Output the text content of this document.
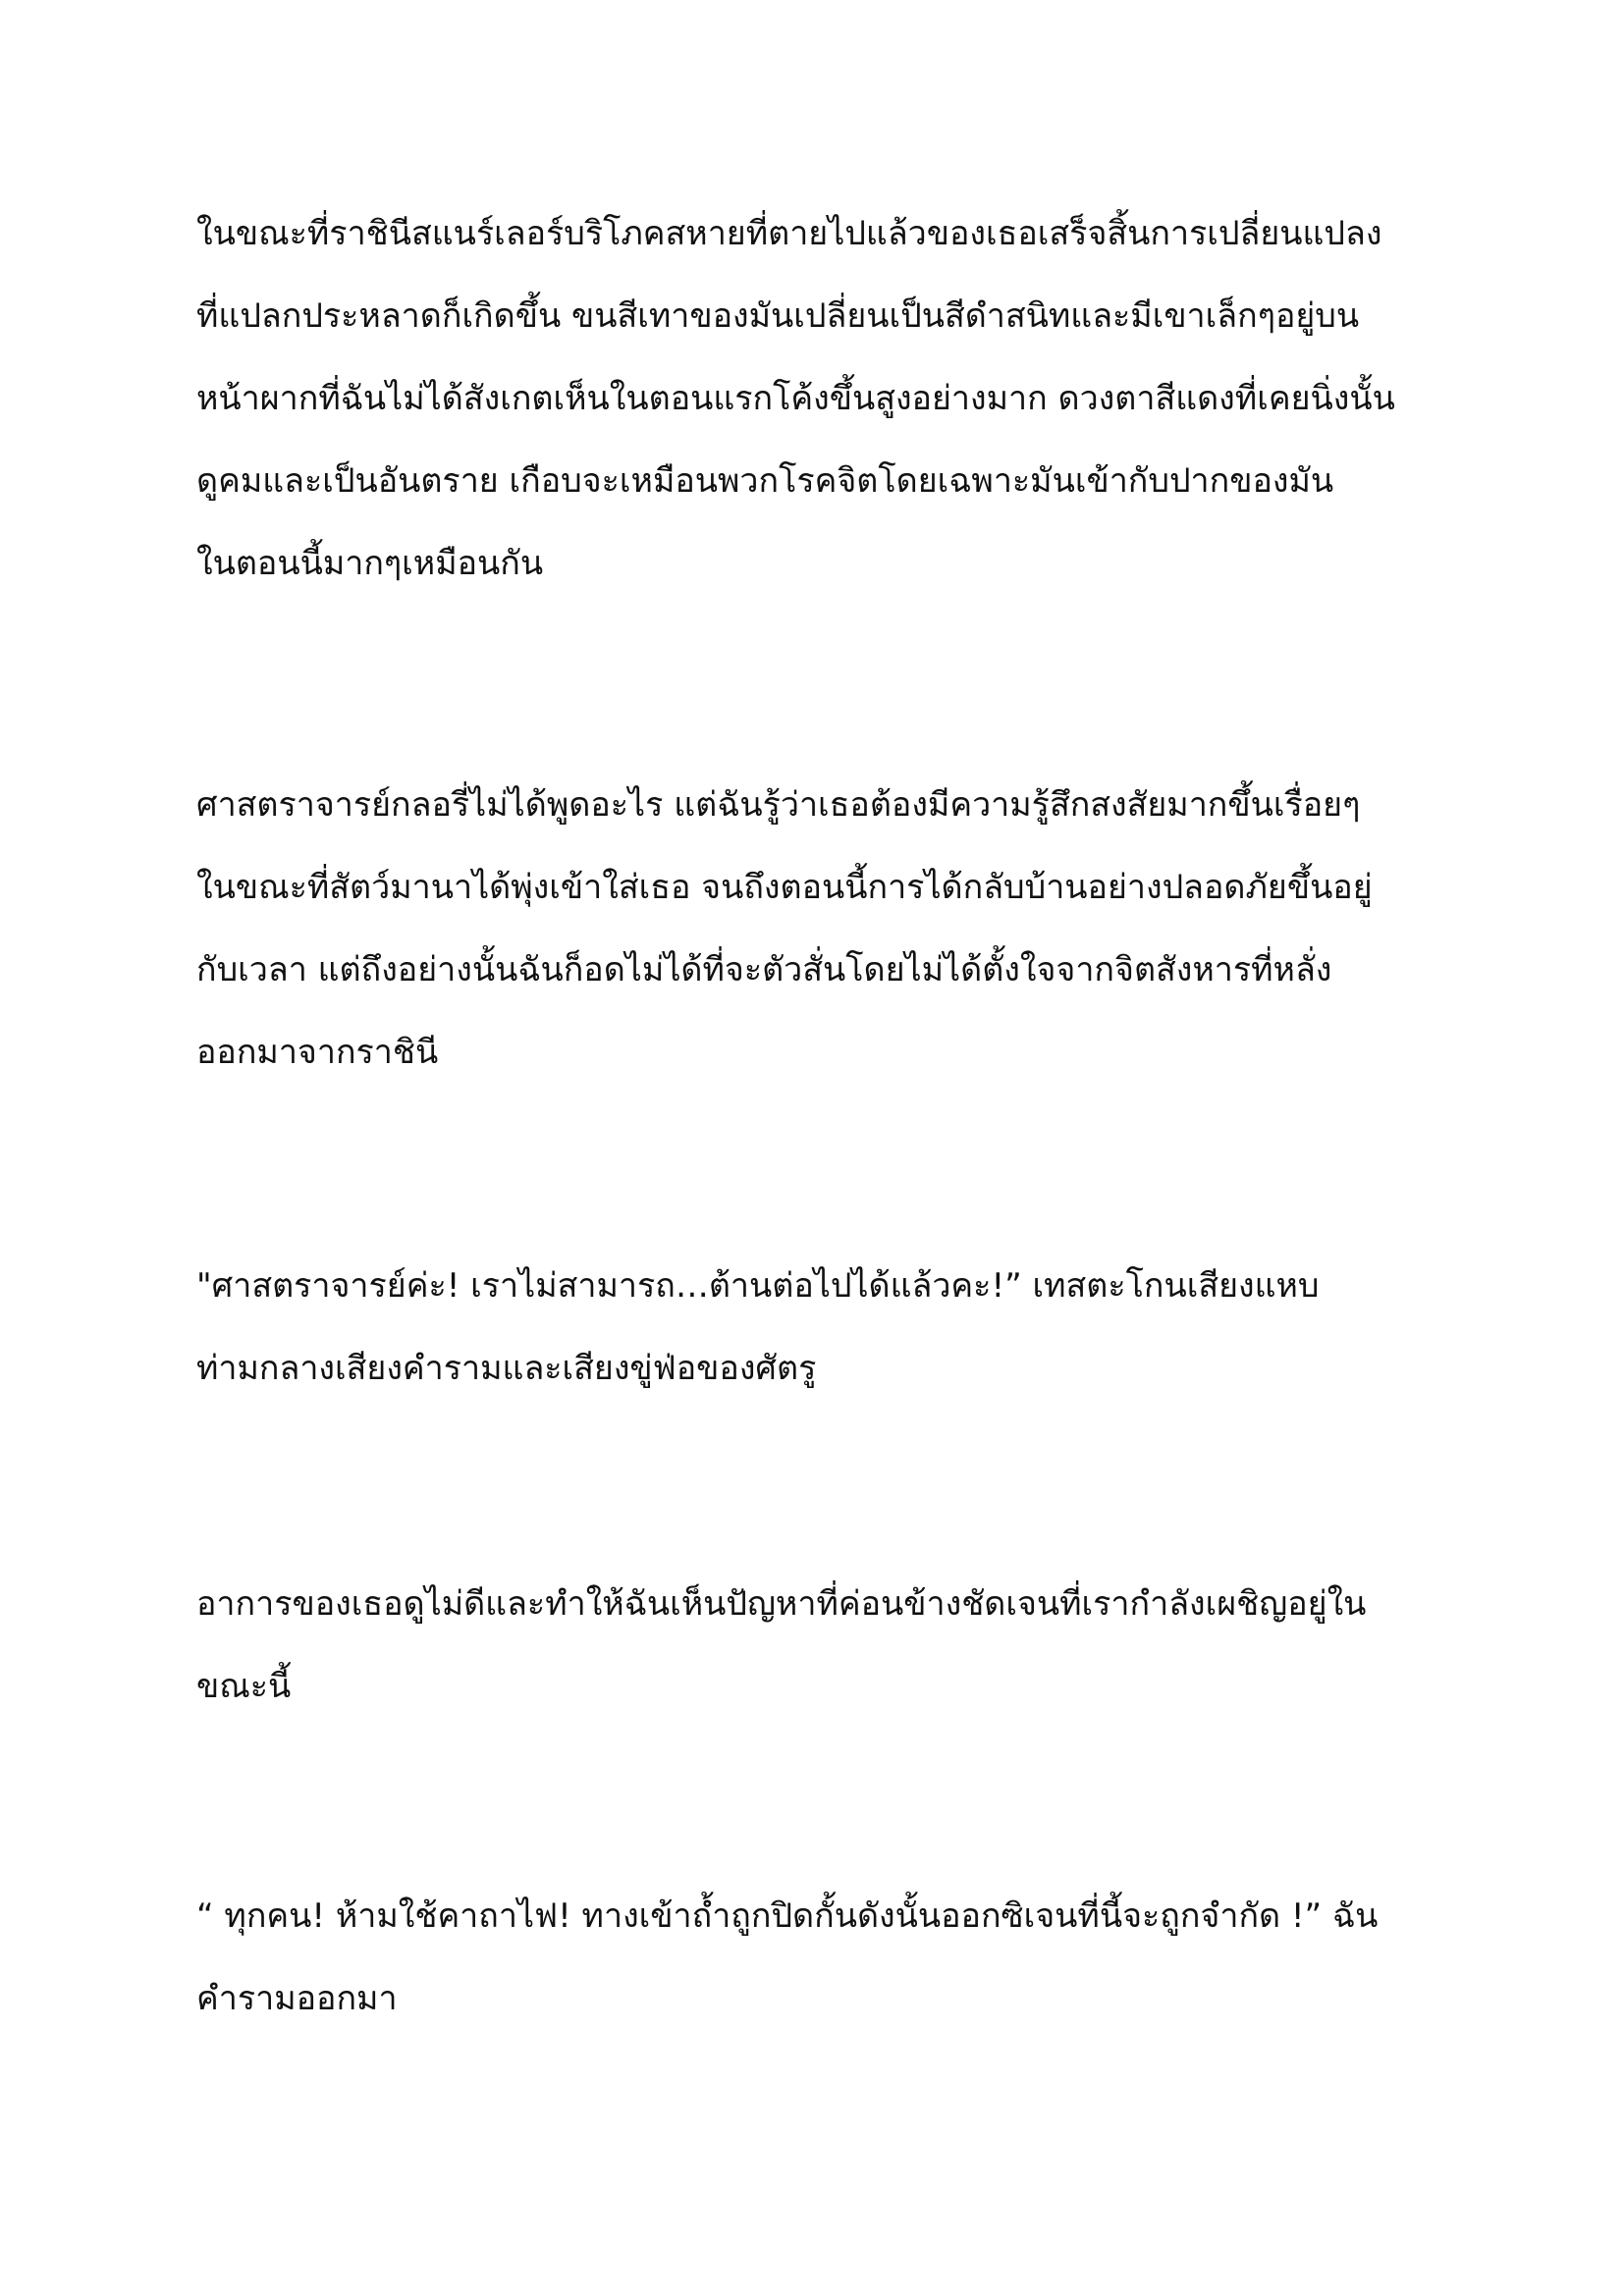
ในขณะที่ราชินีสแนร์เลอร์บริโภคสหายที่ตายไปแล้วของเธอเสร็จสิ้นการเปลี่ยนแปลง
ที่แปลกประหลาดก็เกิดขึ้น ขนสีเทาของมันเปลี่ยนเป็นสีดำสนิทและมีเขาเล็กๆอยู่บน
หน้าผากที่ฉันไม่ได้สังเกตเห็นในตอนแรกโค้งขึ้นสูงอย่างมาก ดวงตาสีแดงที่เคยนิ่งนั้น
ดูคมและเป็นอันตราย เกือบจะเหมือนพวกโรคจิตโดยเฉพาะมันเข้ากับปากของมัน
ในตอนนี้มากๆเหมือนกัน
ศาสตราจารย์กลอรี่ไม่ได้พูดอะไร แต่ฉันรู้ว่าเธอต้องมีความรู้สึกสงสัยมากขึ้นเรื่อยๆ
ในขณะที่สัตว์มานาได้พุ่งเข้าใส่เธอ จนถึงตอนนี้การได้กลับบ้านอย่างปลอดภัยขึ้นอยู่
กับเวลา แต่ถึงอย่างนั้นฉันก็อดไม่ได้ที่จะตัวสั่นโดยไม่ได้ตั้งใจจากจิตสังหารที่หลั่ง
ออกมาจากราชินี
"ศาสตราจารย์ค่ะ! เราไม่สามารถ…ต้านต่อไปได้แล้วคะ!” เทสตะโกนเสียงแหบ
ท่ามกลางเสียงคำรามและเสียงขู่ฟ่อของศัตรู
อาการของเธอดูไม่ดีและทำให้ฉันเห็นปัญหาที่ค่อนข้างชัดเจนที่เรากำลังเผชิญอยู่ใน
ขณะนี้
“ ทุกคน! ห้ามใช้คาถาไฟ! ทางเข้าถ้ำถูกปิดกั้นดังนั้นออกซิเจนที่นี้จะถูกจำกัด !” ฉัน
คำรามออกมา
